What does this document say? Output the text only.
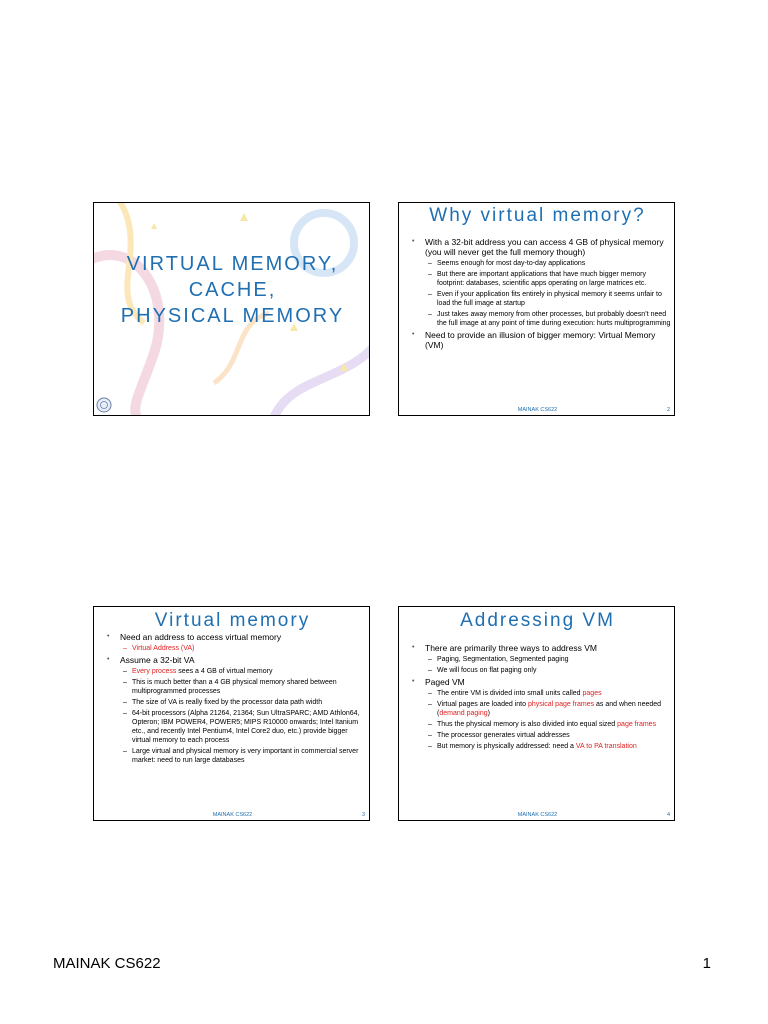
VIRTUAL MEMORY,
CACHE,
PHYSICAL MEMORY
Why virtual memory?
• With a 32-bit address you can access 4 GB of physical memory (you will never get the full memory though)
– Seems enough for most day-to-day applications
– But there are important applications that have much bigger memory footprint: databases, scientific apps operating on large matrices etc.
– Even if your application fits entirely in physical memory it seems unfair to load the full image at startup
– Just takes away memory from other processes, but probably doesn’t need the full image at any point of time during execution: hurts multiprogramming
• Need to provide an illusion of bigger memory: Virtual Memory (VM)
MAINAK CS622	2
Virtual memory
• Need an address to access virtual memory
– Virtual Address (VA)
• Assume a 32-bit VA
– Every process sees a 4 GB of virtual memory
– This is much better than a 4 GB physical memory shared between multiprogrammed processes
– The size of VA is really fixed by the processor data path width
– 64-bit processors (Alpha 21264, 21364; Sun UltraSPARC; AMD Athlon64, Opteron; IBM POWER4, POWER5; MIPS R10000 onwards; Intel Itanium etc., and recently Intel Pentium4, Intel Core2 duo, etc.) provide bigger virtual memory to each process
– Large virtual and physical memory is very important in commercial server market: need to run large databases
MAINAK CS622	3
Addressing VM
• There are primarily three ways to address VM
– Paging, Segmentation, Segmented paging
– We will focus on flat paging only
• Paged VM
– The entire VM is divided into small units called pages
– Virtual pages are loaded into physical page frames as and when needed (demand paging)
– Thus the physical memory is also divided into equal sized page frames
– The processor generates virtual addresses
– But memory is physically addressed: need a VA to PA translation
MAINAK CS622	4
MAINAK CS622	1
